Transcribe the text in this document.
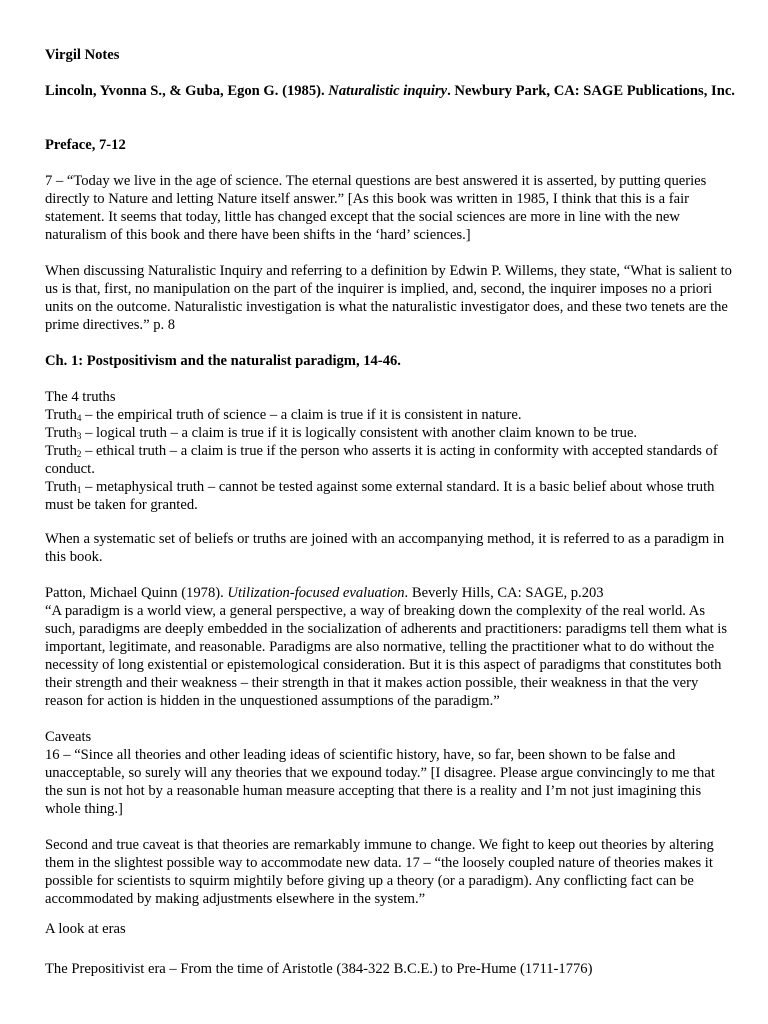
Virgil Notes

Lincoln, Yvonna S., & Guba, Egon G. (1985). Naturalistic inquiry. Newbury Park, CA: SAGE Publications, Inc.

Preface, 7-12

7 – “Today we live in the age of science. The eternal questions are best answered it is asserted, by putting queries directly to Nature and letting Nature itself answer.” [As this book was written in 1985, I think that this is a fair statement. It seems that today, little has changed except that the social sciences are more in line with the new naturalism of this book and there have been shifts in the ‘hard’ sciences.]

When discussing Naturalistic Inquiry and referring to a definition by Edwin P. Willems, they state, “What is salient to us is that, first, no manipulation on the part of the inquirer is implied, and, second, the inquirer imposes no a priori units on the outcome. Naturalistic investigation is what the naturalistic investigator does, and these two tenets are the prime directives.” p. 8

Ch. 1: Postpositivism and the naturalist paradigm, 14-46.

The 4 truths
Truth$_4$ – the empirical truth of science – a claim is true if it is consistent in nature.
Truth$_3$ – logical truth – a claim is true if it is logically consistent with another claim known to be true.
Truth$_2$ – ethical truth – a claim is true if the person who asserts it is acting in conformity with accepted standards of conduct.
Truth$_1$ – metaphysical truth – cannot be tested against some external standard. It is a basic belief about whose truth must be taken for granted.

When a systematic set of beliefs or truths are joined with an accompanying method, it is referred to as a paradigm in this book.

Patton, Michael Quinn (1978). Utilization-focused evaluation. Beverly Hills, CA: SAGE, p.203
“A paradigm is a world view, a general perspective, a way of breaking down the complexity of the real world. As such, paradigms are deeply embedded in the socialization of adherents and practitioners: paradigms tell them what is important, legitimate, and reasonable. Paradigms are also normative, telling the practitioner what to do without the necessity of long existential or epistemological consideration. But it is this aspect of paradigms that constitutes both their strength and their weakness – their strength in that it makes action possible, their weakness in that the very reason for action is hidden in the unquestioned assumptions of the paradigm.”
Caveats
16 – “Since all theories and other leading ideas of scientific history, have, so far, been shown to be false and unacceptable, so surely will any theories that we expound today.” [I disagree. Please argue convincingly to me that the sun is not hot by a reasonable human measure accepting that there is a reality and I’m not just imagining this whole thing.]

Second and true caveat is that theories are remarkably immune to change. We fight to keep out theories by altering them in the slightest possible way to accommodate new data. 17 – “the loosely coupled nature of theories makes it possible for scientists to squirm mightily before giving up a theory (or a paradigm). Any conflicting fact can be accommodated by making adjustments elsewhere in the system.”

A look at eras

The Prepositivist era – From the time of Aristotle (384-322 B.C.E.) to Pre-Hume (1711-1776)
